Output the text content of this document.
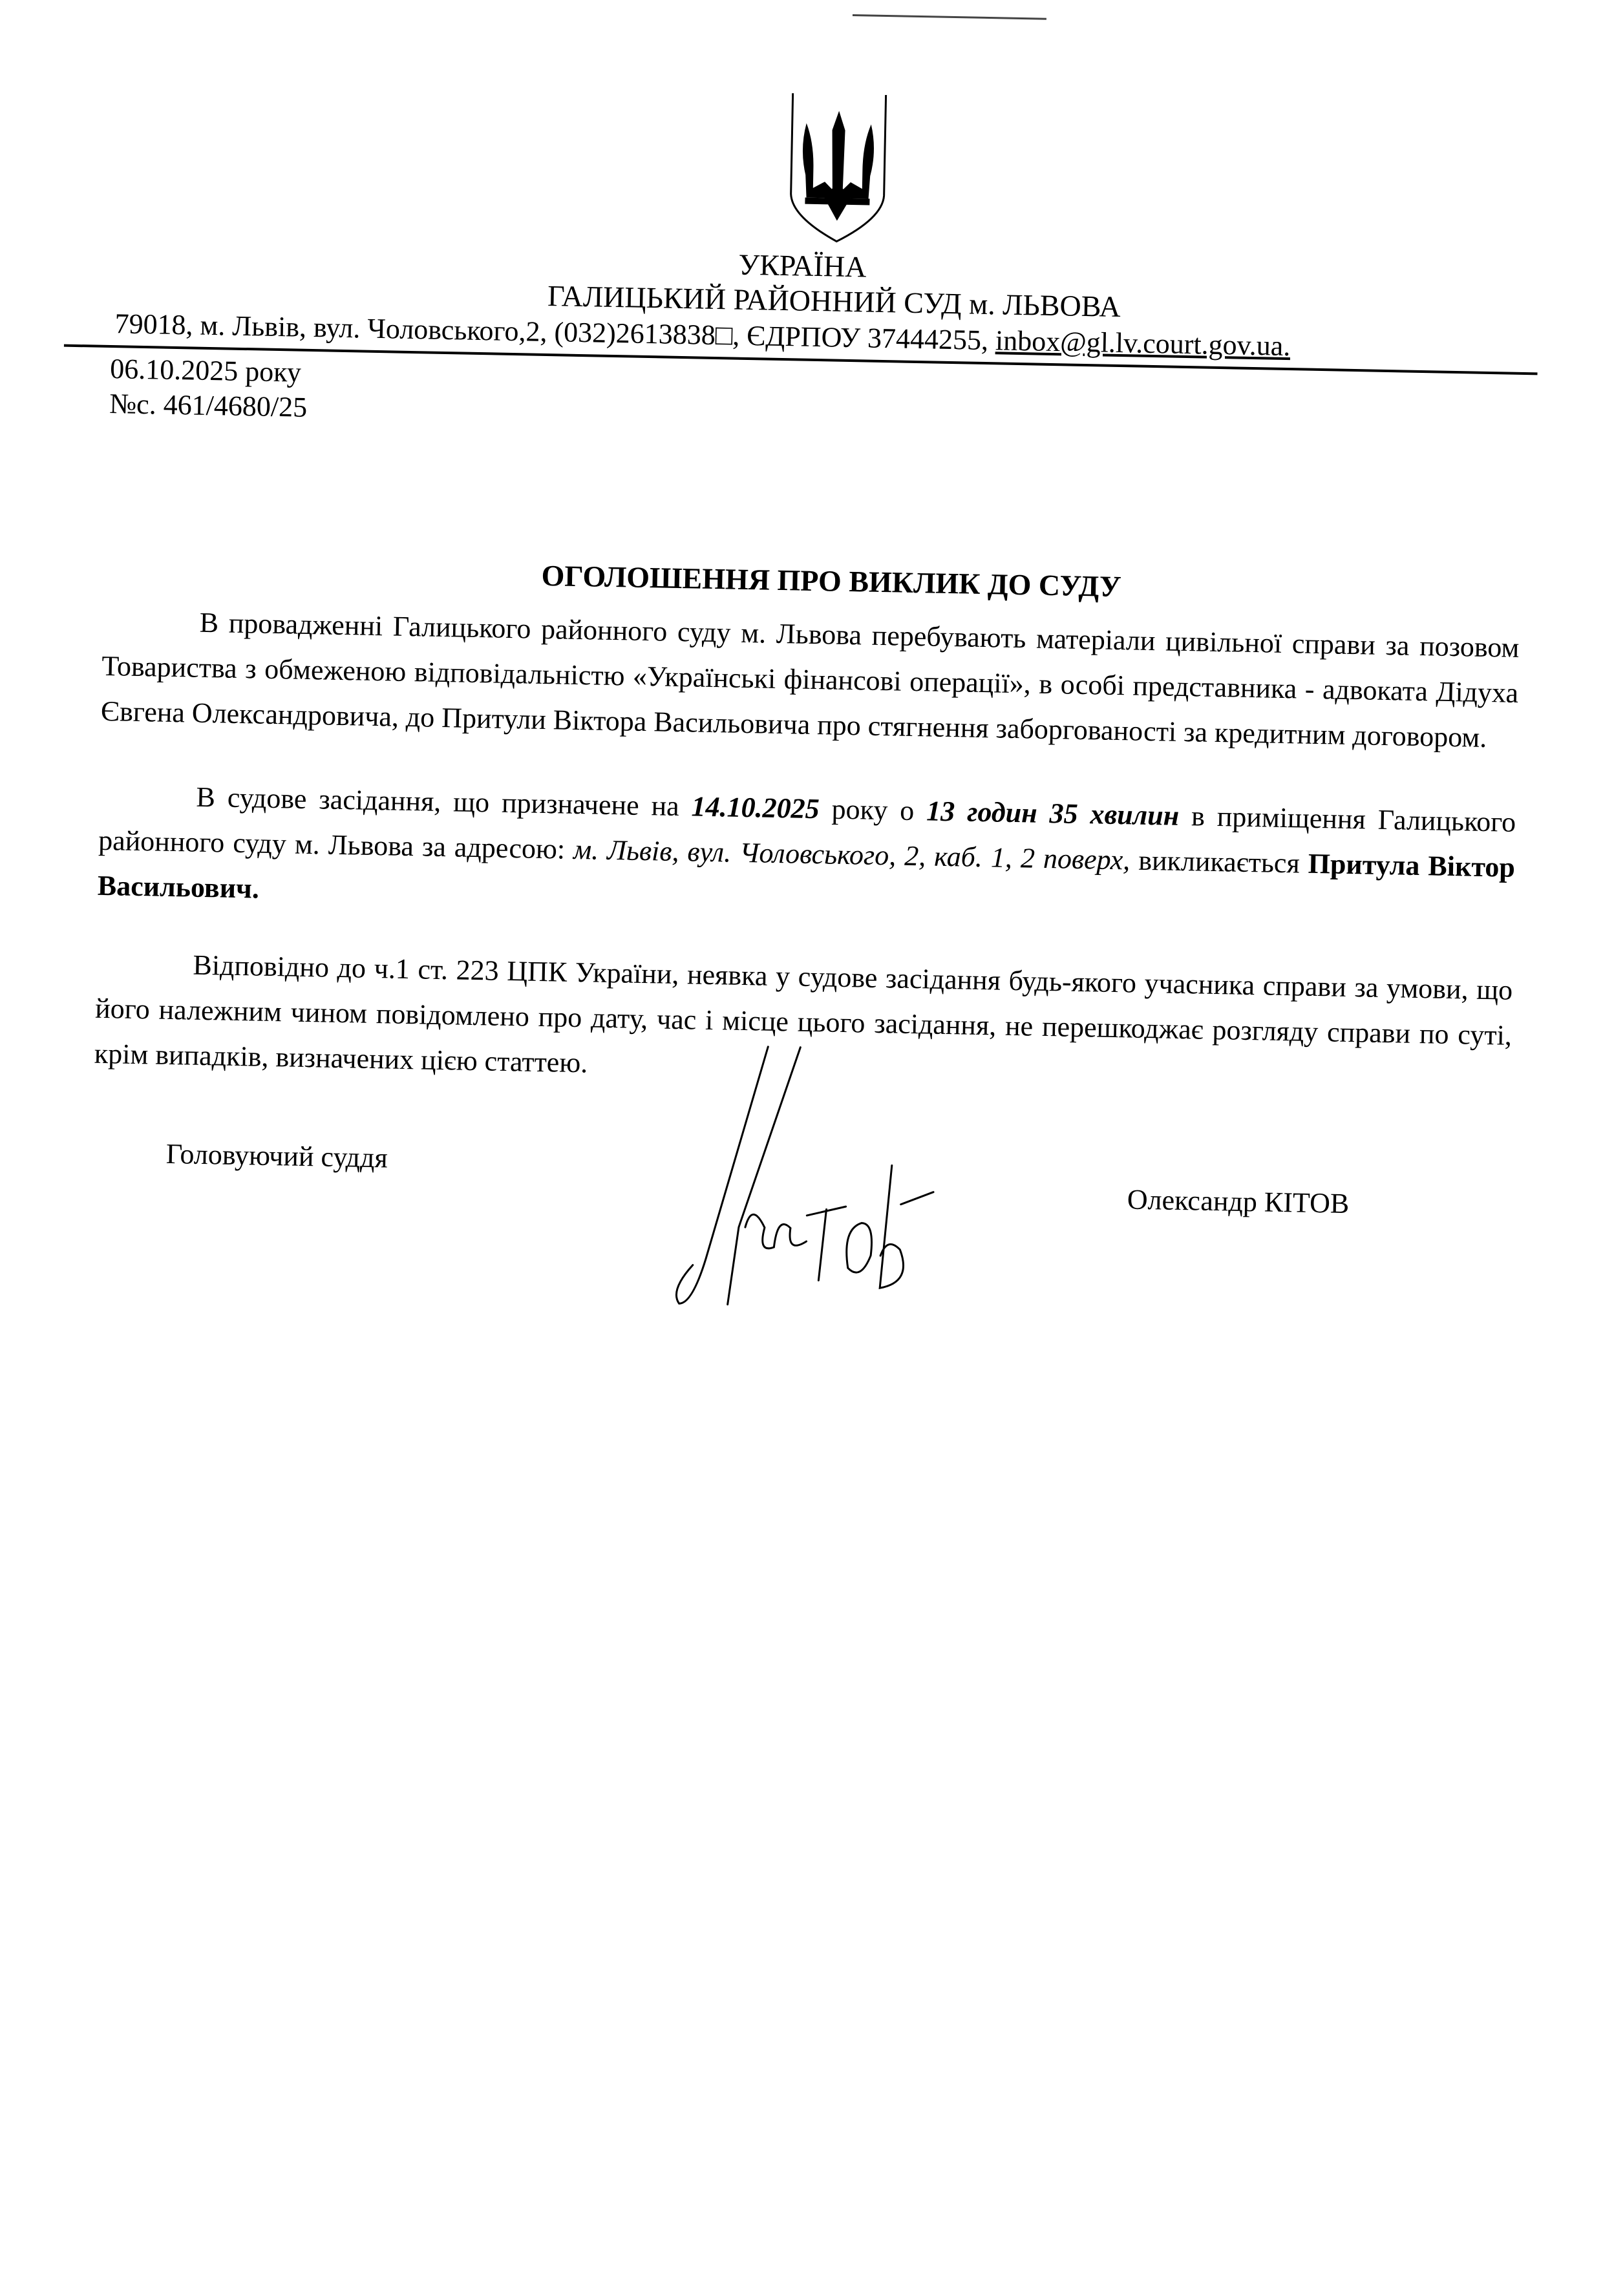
УКРАЇНА
ГАЛИЦЬКИЙ РАЙОННИЙ СУД м. ЛЬВОВА
79018, м. Львів, вул. Чоловського,2, (032)2613838□, ЄДРПОУ 37444255, inbox@gl.lv.court.gov.ua.
06.10.2025 року
№с. 461/4680/25
ОГОЛОШЕННЯ ПРО ВИКЛИК ДО СУДУ
В провадженні Галицького районного суду м. Львова перебувають матеріали цивільної справи за позовом Товариства з обмеженою відповідальністю «Українські фінансові операції», в особі представника - адвоката Дідуха Євгена Олександровича, до Притули Віктора Васильовича про стягнення заборгованості за кредитним договором.
В судове засідання, що призначене на 14.10.2025 року о 13 годин 35 хвилин в приміщення Галицького районного суду м. Львова за адресою: м. Львів, вул. Чоловського, 2, каб. 1, 2 поверх, викликається Притула Віктор Васильович.
Відповідно до ч.1 ст. 223 ЦПК України, неявка у судове засідання будь-якого учасника справи за умови, що його належним чином повідомлено про дату, час і місце цього засідання, не перешкоджає розгляду справи по суті, крім випадків, визначених цією статтею.
Головуючий суддя
Олександр КІТОВ
